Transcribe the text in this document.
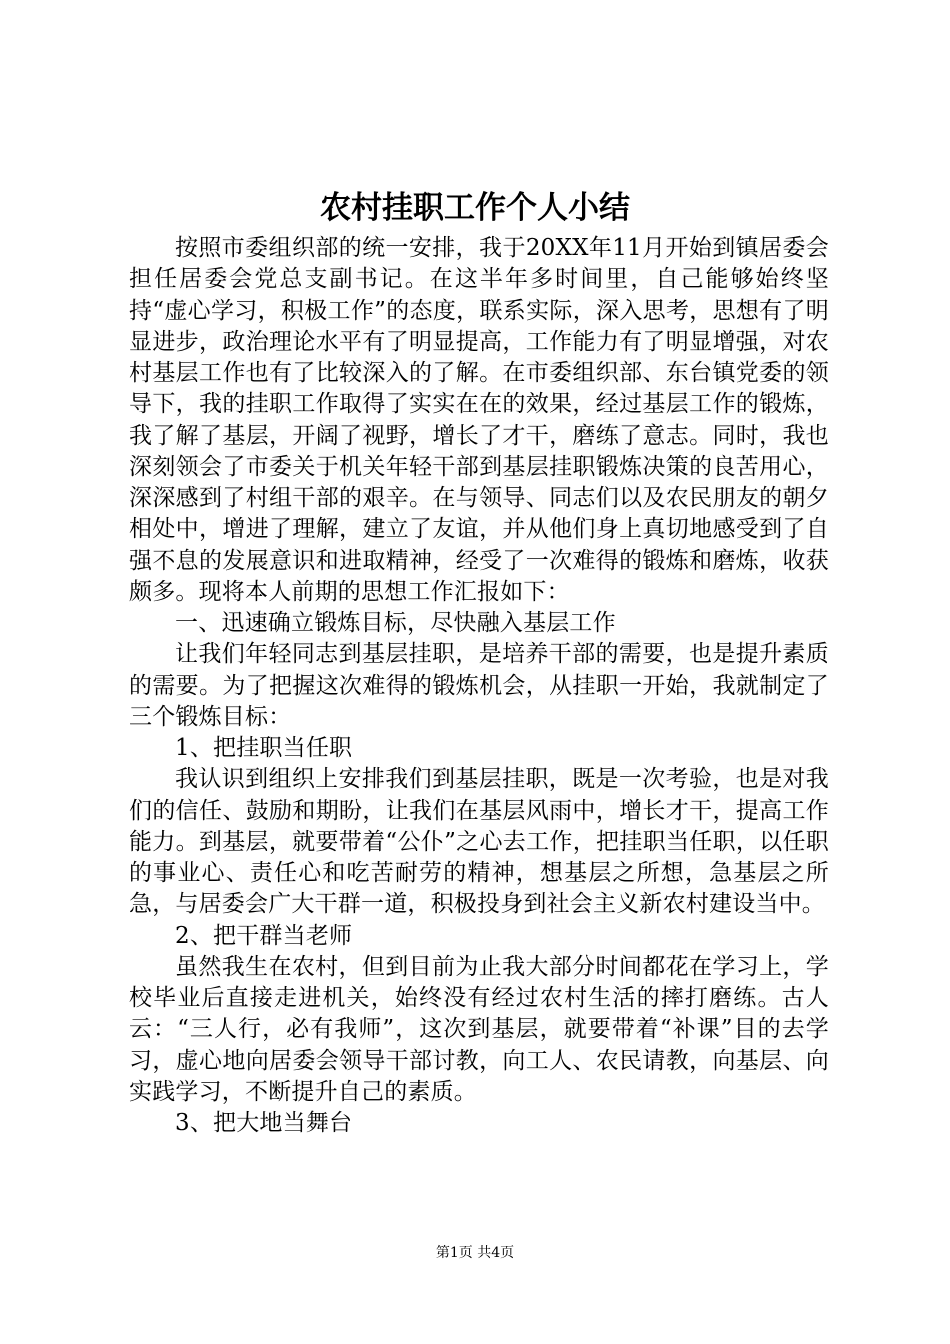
农村挂职工作个人小结

按照市委组织部的统一安排，我于20XX年11月开始到镇居委会担任居委会党总支副书记。在这半年多时间里，自己能够始终坚持“虚心学习，积极工作”的态度，联系实际，深入思考，思想有了明显进步，政治理论水平有了明显提高，工作能力有了明显增强，对农村基层工作也有了比较深入的了解。在市委组织部、东台镇党委的领导下，我的挂职工作取得了实实在在的效果，经过基层工作的锻炼，我了解了基层，开阔了视野，增长了才干，磨练了意志。同时，我也深刻领会了市委关于机关年轻干部到基层挂职锻炼决策的良苦用心，深深感到了村组干部的艰辛。在与领导、同志们以及农民朋友的朝夕相处中，增进了理解，建立了友谊，并从他们身上真切地感受到了自强不息的发展意识和进取精神，经受了一次难得的锻炼和磨炼，收获颇多。现将本人前期的思想工作汇报如下：

一、迅速确立锻炼目标，尽快融入基层工作

让我们年轻同志到基层挂职，是培养干部的需要，也是提升素质的需要。为了把握这次难得的锻炼机会，从挂职一开始，我就制定了三个锻炼目标：

1、把挂职当任职

我认识到组织上安排我们到基层挂职，既是一次考验，也是对我们的信任、鼓励和期盼，让我们在基层风雨中，增长才干，提高工作能力。到基层，就要带着“公仆”之心去工作，把挂职当任职，以任职的事业心、责任心和吃苦耐劳的精神，想基层之所想，急基层之所急，与居委会广大干群一道，积极投身到社会主义新农村建设当中。

2、把干群当老师

虽然我生在农村，但到目前为止我大部分时间都花在学习上，学校毕业后直接走进机关，始终没有经过农村生活的摔打磨练。古人云：“三人行，必有我师”，这次到基层，就要带着“补课”目的去学习，虚心地向居委会领导干部讨教，向工人、农民请教，向基层、向实践学习，不断提升自己的素质。

3、把大地当舞台

第1页 共4页
